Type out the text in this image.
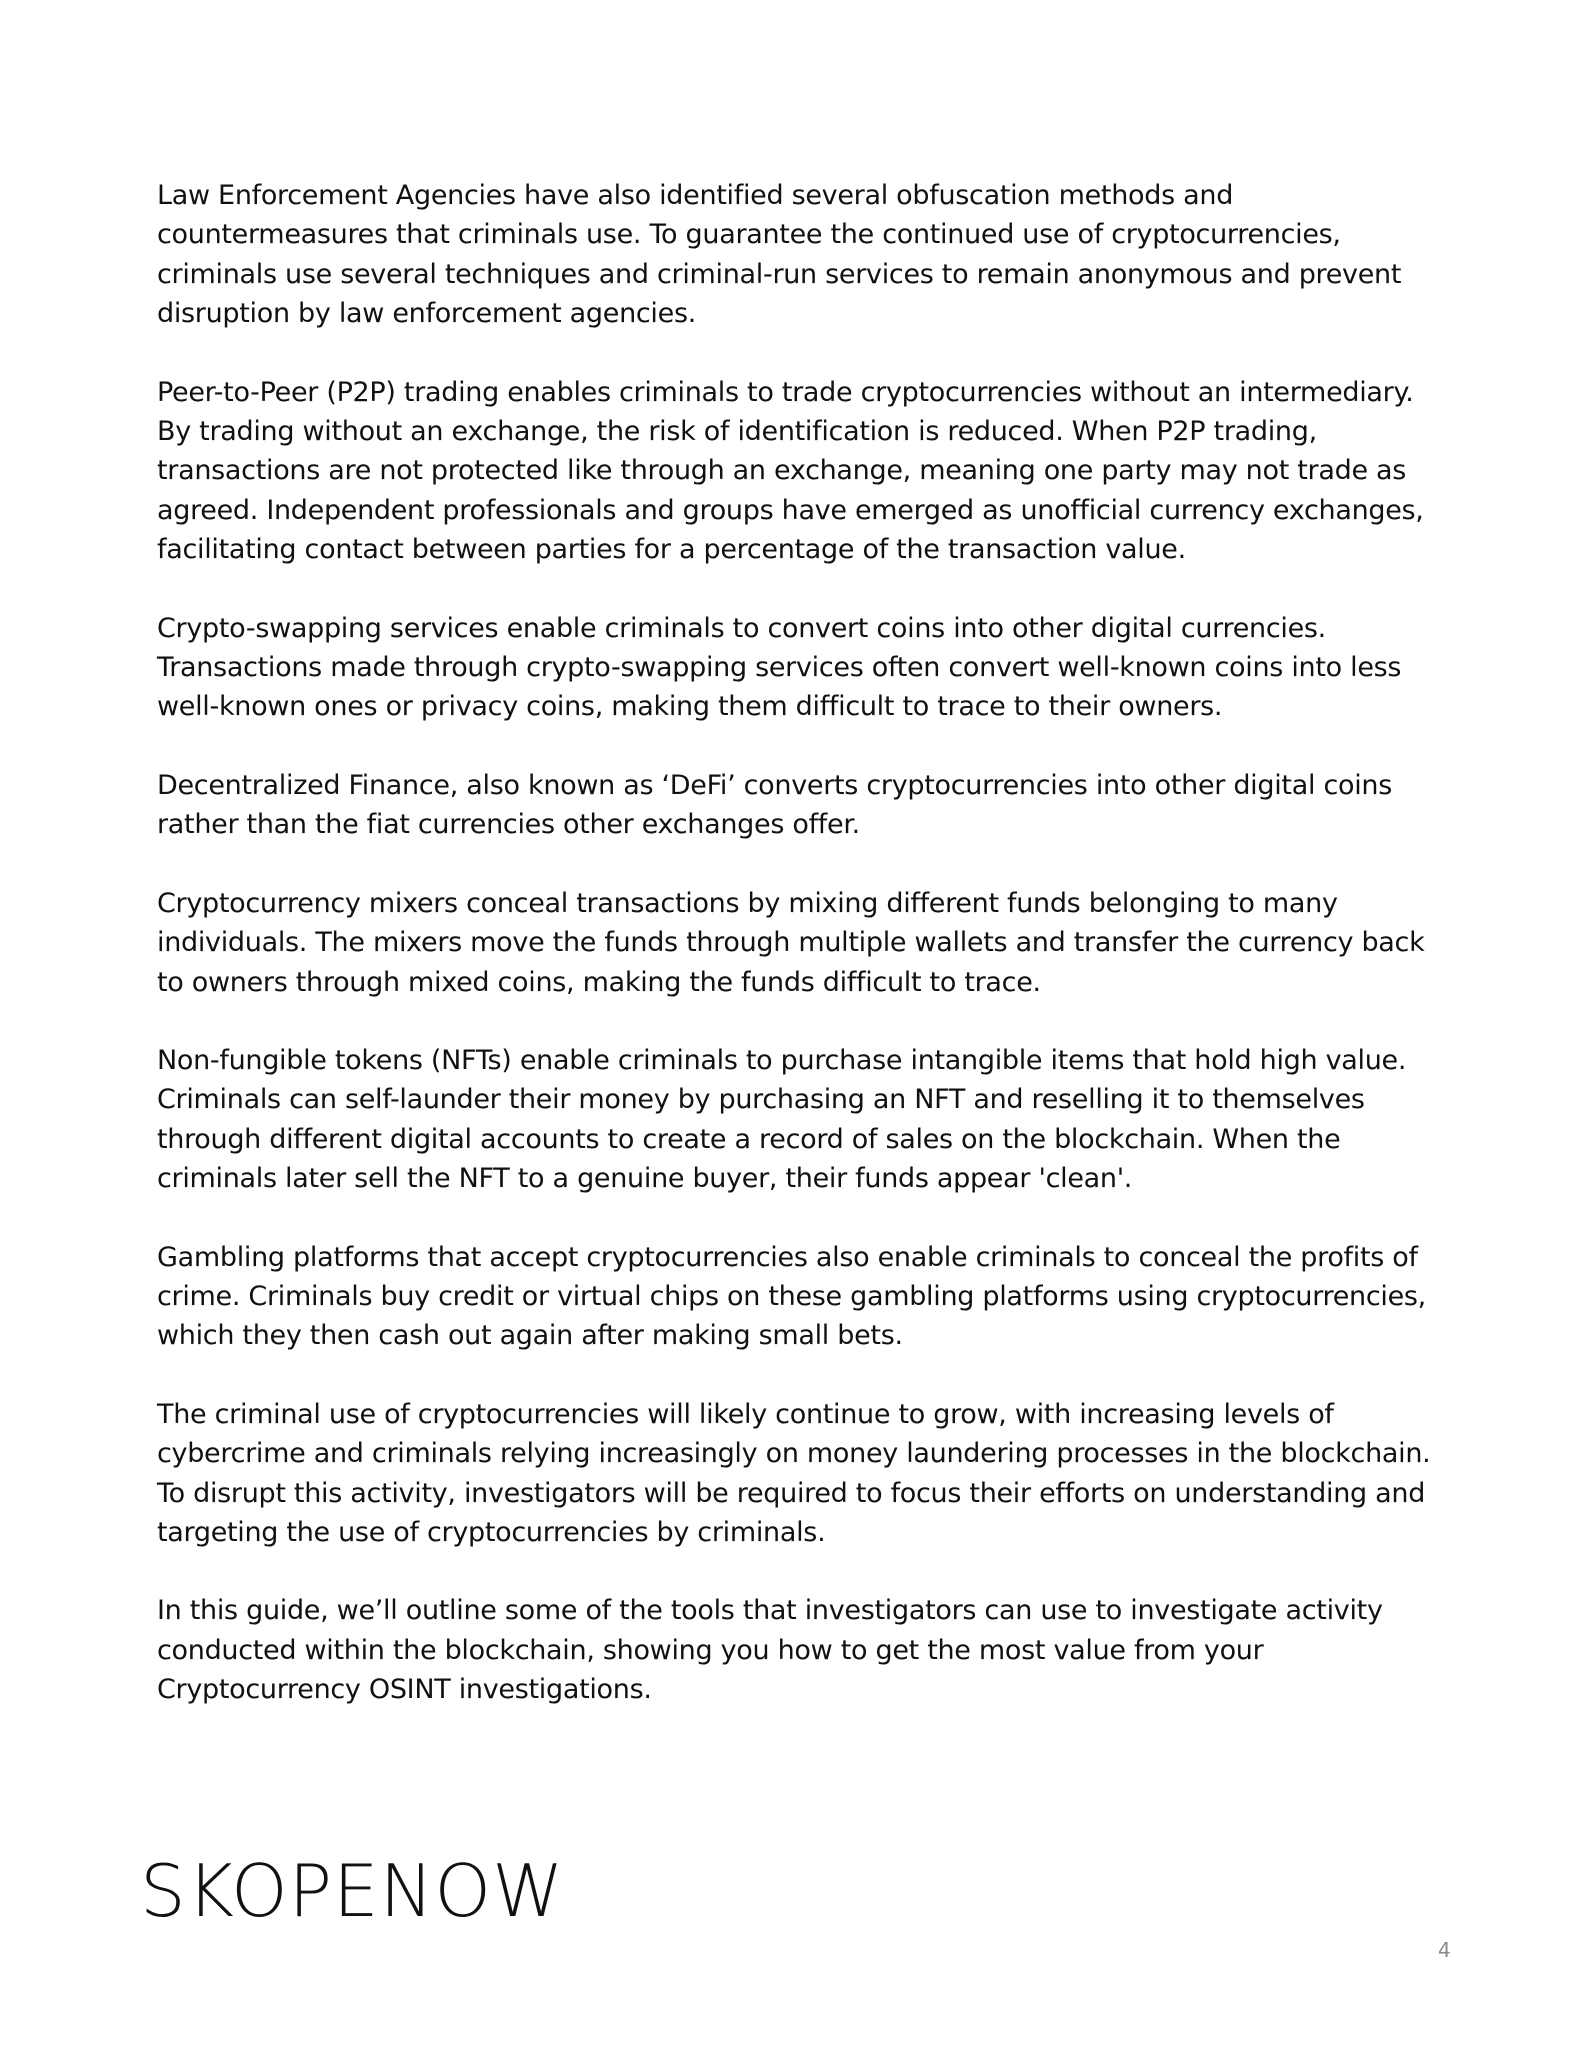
Law Enforcement Agencies have also identified several obfuscation methods and countermeasures that criminals use. To guarantee the continued use of cryptocurrencies, criminals use several techniques and criminal-run services to remain anonymous and prevent disruption by law enforcement agencies.

Peer-to-Peer (P2P) trading enables criminals to trade cryptocurrencies without an intermediary. By trading without an exchange, the risk of identification is reduced. When P2P trading, transactions are not protected like through an exchange, meaning one party may not trade as agreed. Independent professionals and groups have emerged as unofficial currency exchanges, facilitating contact between parties for a percentage of the transaction value.

Crypto-swapping services enable criminals to convert coins into other digital currencies. Transactions made through crypto-swapping services often convert well-known coins into less well-known ones or privacy coins, making them difficult to trace to their owners.

Decentralized Finance, also known as ‘DeFi’ converts cryptocurrencies into other digital coins rather than the fiat currencies other exchanges offer.

Cryptocurrency mixers conceal transactions by mixing different funds belonging to many individuals. The mixers move the funds through multiple wallets and transfer the currency back to owners through mixed coins, making the funds difficult to trace.

Non-fungible tokens (NFTs) enable criminals to purchase intangible items that hold high value. Criminals can self-launder their money by purchasing an NFT and reselling it to themselves through different digital accounts to create a record of sales on the blockchain. When the criminals later sell the NFT to a genuine buyer, their funds appear 'clean'.

Gambling platforms that accept cryptocurrencies also enable criminals to conceal the profits of crime. Criminals buy credit or virtual chips on these gambling platforms using cryptocurrencies, which they then cash out again after making small bets.

The criminal use of cryptocurrencies will likely continue to grow, with increasing levels of cybercrime and criminals relying increasingly on money laundering processes in the blockchain. To disrupt this activity, investigators will be required to focus their efforts on understanding and targeting the use of cryptocurrencies by criminals.

In this guide, we’ll outline some of the tools that investigators can use to investigate activity conducted within the blockchain, showing you how to get the most value from your Cryptocurrency OSINT investigations.

SKOPENOW
4
